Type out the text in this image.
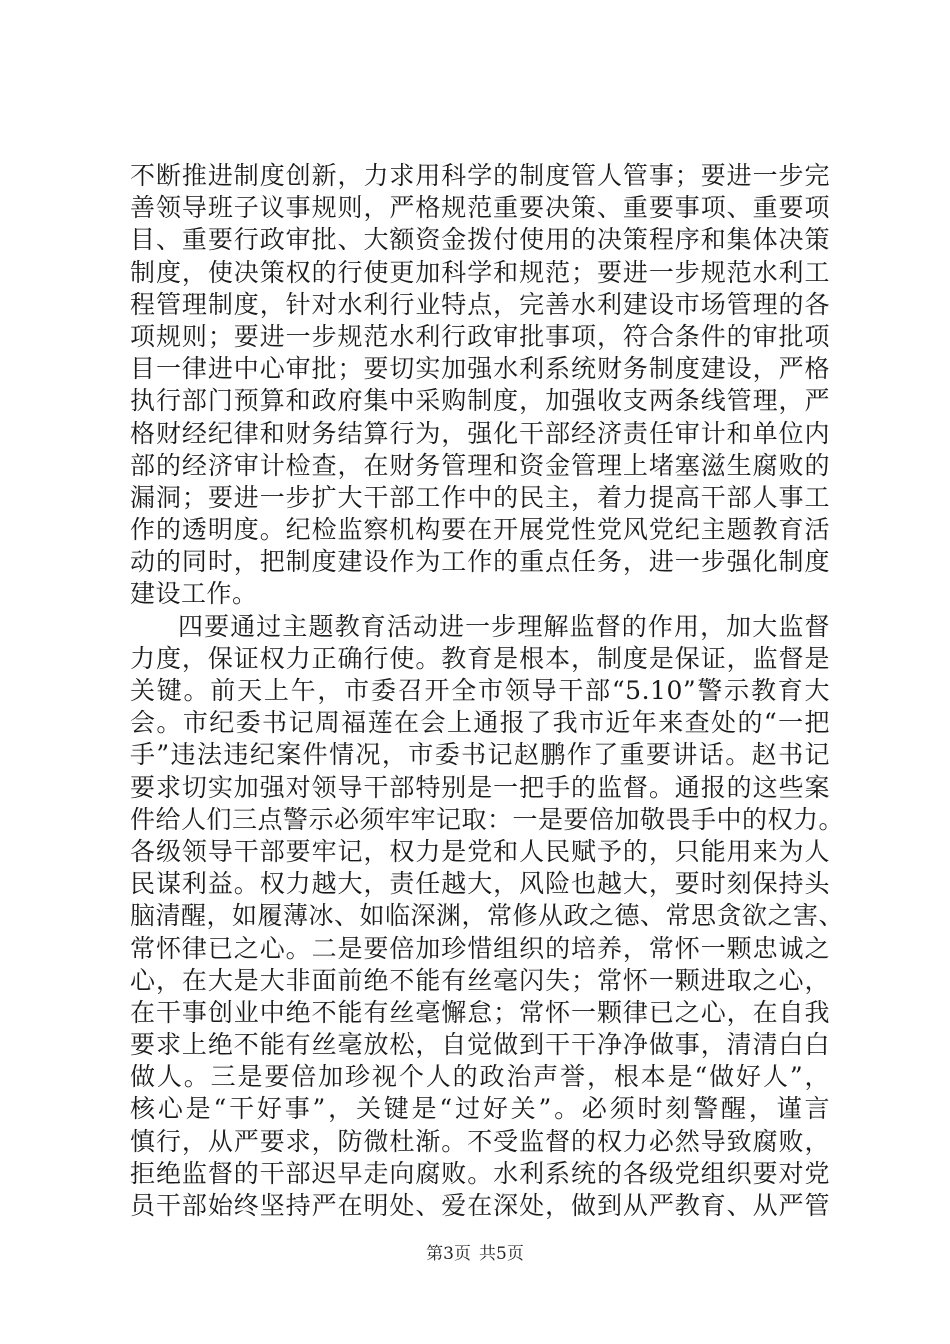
不断推进制度创新，力求用科学的制度管人管事；要进一步完
善领导班子议事规则，严格规范重要决策、重要事项、重要项
目、重要行政审批、大额资金拨付使用的决策程序和集体决策
制度，使决策权的行使更加科学和规范；要进一步规范水利工
程管理制度，针对水利行业特点，完善水利建设市场管理的各
项规则；要进一步规范水利行政审批事项，符合条件的审批项
目一律进中心审批；要切实加强水利系统财务制度建设，严格
执行部门预算和政府集中采购制度，加强收支两条线管理，严
格财经纪律和财务结算行为，强化干部经济责任审计和单位内
部的经济审计检查，在财务管理和资金管理上堵塞滋生腐败的
漏洞；要进一步扩大干部工作中的民主，着力提高干部人事工
作的透明度。纪检监察机构要在开展党性党风党纪主题教育活
动的同时，把制度建设作为工作的重点任务，进一步强化制度
建设工作。
四要通过主题教育活动进一步理解监督的作用，加大监督
力度，保证权力正确行使。教育是根本，制度是保证，监督是
关键。前天上午，市委召开全市领导干部“5.10”警示教育大
会。市纪委书记周福莲在会上通报了我市近年来查处的“一把
手”违法违纪案件情况，市委书记赵鹏作了重要讲话。赵书记
要求切实加强对领导干部特别是一把手的监督。通报的这些案
件给人们三点警示必须牢牢记取：一是要倍加敬畏手中的权力。
各级领导干部要牢记，权力是党和人民赋予的，只能用来为人
民谋利益。权力越大，责任越大，风险也越大，要时刻保持头
脑清醒，如履薄冰、如临深渊，常修从政之德、常思贪欲之害、
常怀律已之心。二是要倍加珍惜组织的培养，常怀一颗忠诚之
心，在大是大非面前绝不能有丝毫闪失；常怀一颗进取之心，
在干事创业中绝不能有丝毫懈怠；常怀一颗律已之心，在自我
要求上绝不能有丝毫放松，自觉做到干干净净做事，清清白白
做人。三是要倍加珍视个人的政治声誉，根本是“做好人”，
核心是“干好事”，关键是“过好关”。必须时刻警醒，谨言
慎行，从严要求，防微杜渐。不受监督的权力必然导致腐败，
拒绝监督的干部迟早走向腐败。水利系统的各级党组织要对党
员干部始终坚持严在明处、爱在深处，做到从严教育、从严管
第3页 共5页
